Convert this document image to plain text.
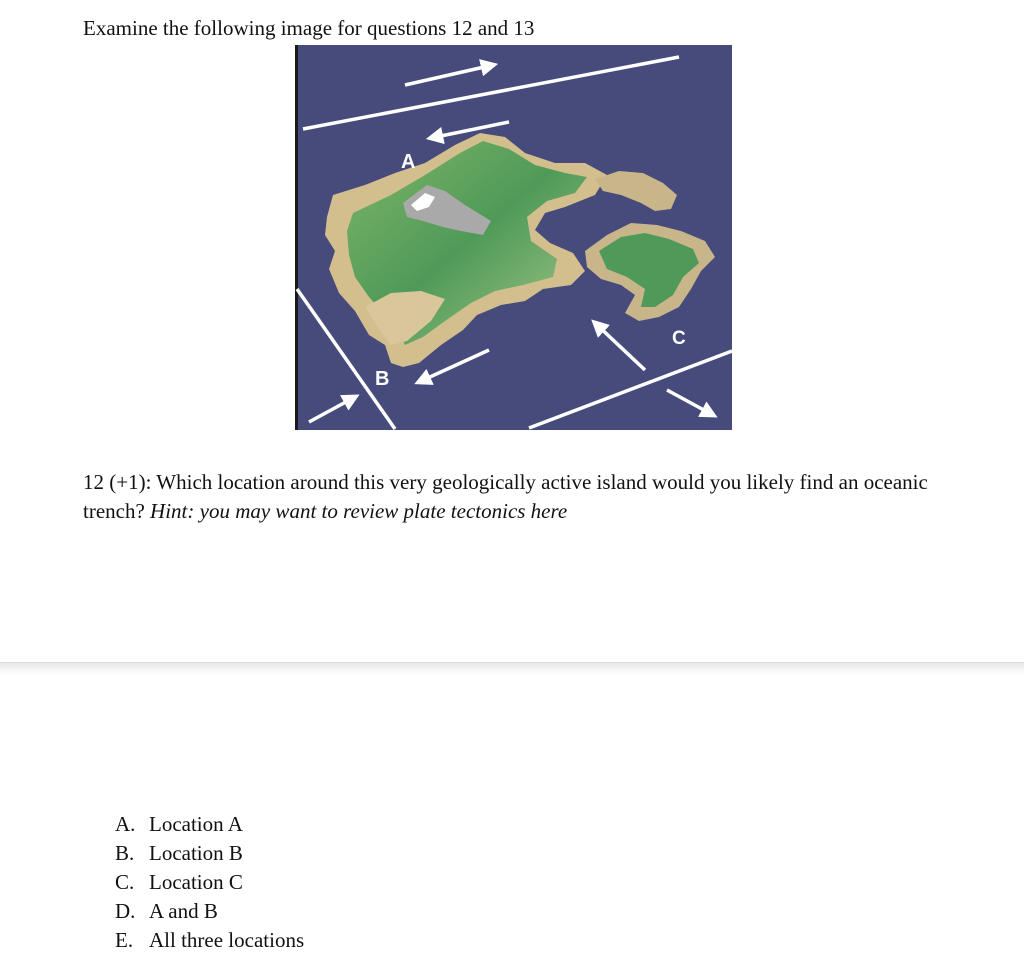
Examine the following image for questions 12 and 13
A
B
C
12 (+1): Which location around this very geologically active island would you likely find an oceanic trench? Hint: you may want to review plate tectonics here
A. Location A
B. Location B
C. Location C
D. A and B
E. All three locations
